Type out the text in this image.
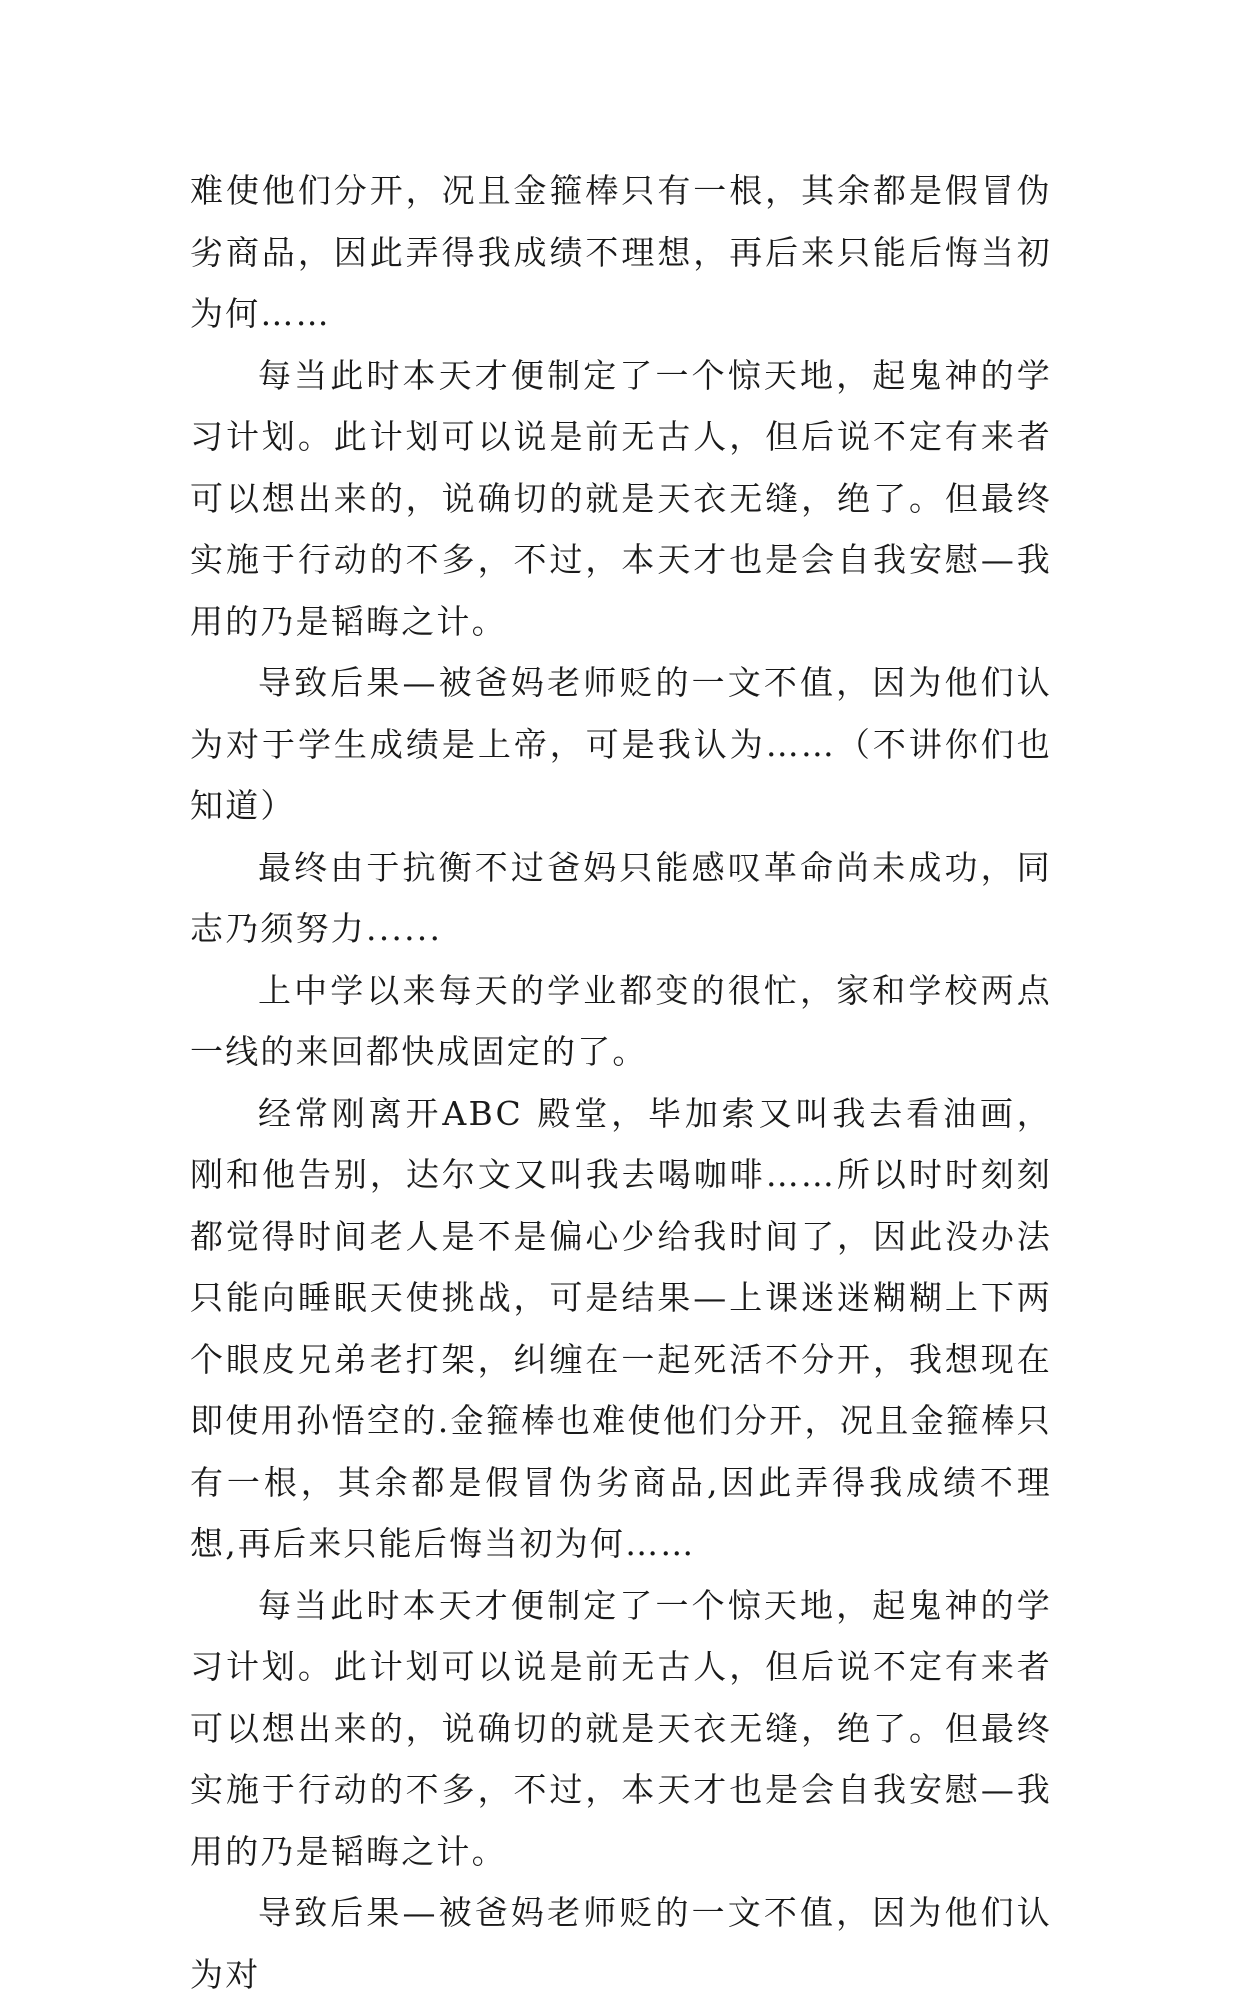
难使他们分开，况且金箍棒只有一根，其余都是假冒伪劣商品，因此弄得我成绩不理想，再后来只能后悔当初为何……

每当此时本天才便制定了一个惊天地，起鬼神的学习计划。此计划可以说是前无古人，但后说不定有来者可以想出来的，说确切的就是天衣无缝，绝了。但最终实施于行动的不多，不过，本天才也是会自我安慰—我用的乃是韬晦之计。

导致后果—被爸妈老师贬的一文不值，因为他们认为对于学生成绩是上帝，可是我认为……（不讲你们也知道）

最终由于抗衡不过爸妈只能感叹革命尚未成功，同志乃须努力......

上中学以来每天的学业都变的很忙，家和学校两点一线的来回都快成固定的了。

经常刚离开ABC 殿堂，毕加索又叫我去看油画，刚和他告别，达尔文又叫我去喝咖啡……所以时时刻刻都觉得时间老人是不是偏心少给我时间了，因此没办法只能向睡眠天使挑战，可是结果—上课迷迷糊糊上下两个眼皮兄弟老打架，纠缠在一起死活不分开，我想现在即使用孙悟空的.金箍棒也难使他们分开，况且金箍棒只有一根，其余都是假冒伪劣商品,因此弄得我成绩不理想,再后来只能后悔当初为何……

每当此时本天才便制定了一个惊天地，起鬼神的学习计划。此计划可以说是前无古人，但后说不定有来者可以想出来的，说确切的就是天衣无缝，绝了。但最终实施于行动的不多，不过，本天才也是会自我安慰—我用的乃是韬晦之计。

导致后果—被爸妈老师贬的一文不值，因为他们认为对
